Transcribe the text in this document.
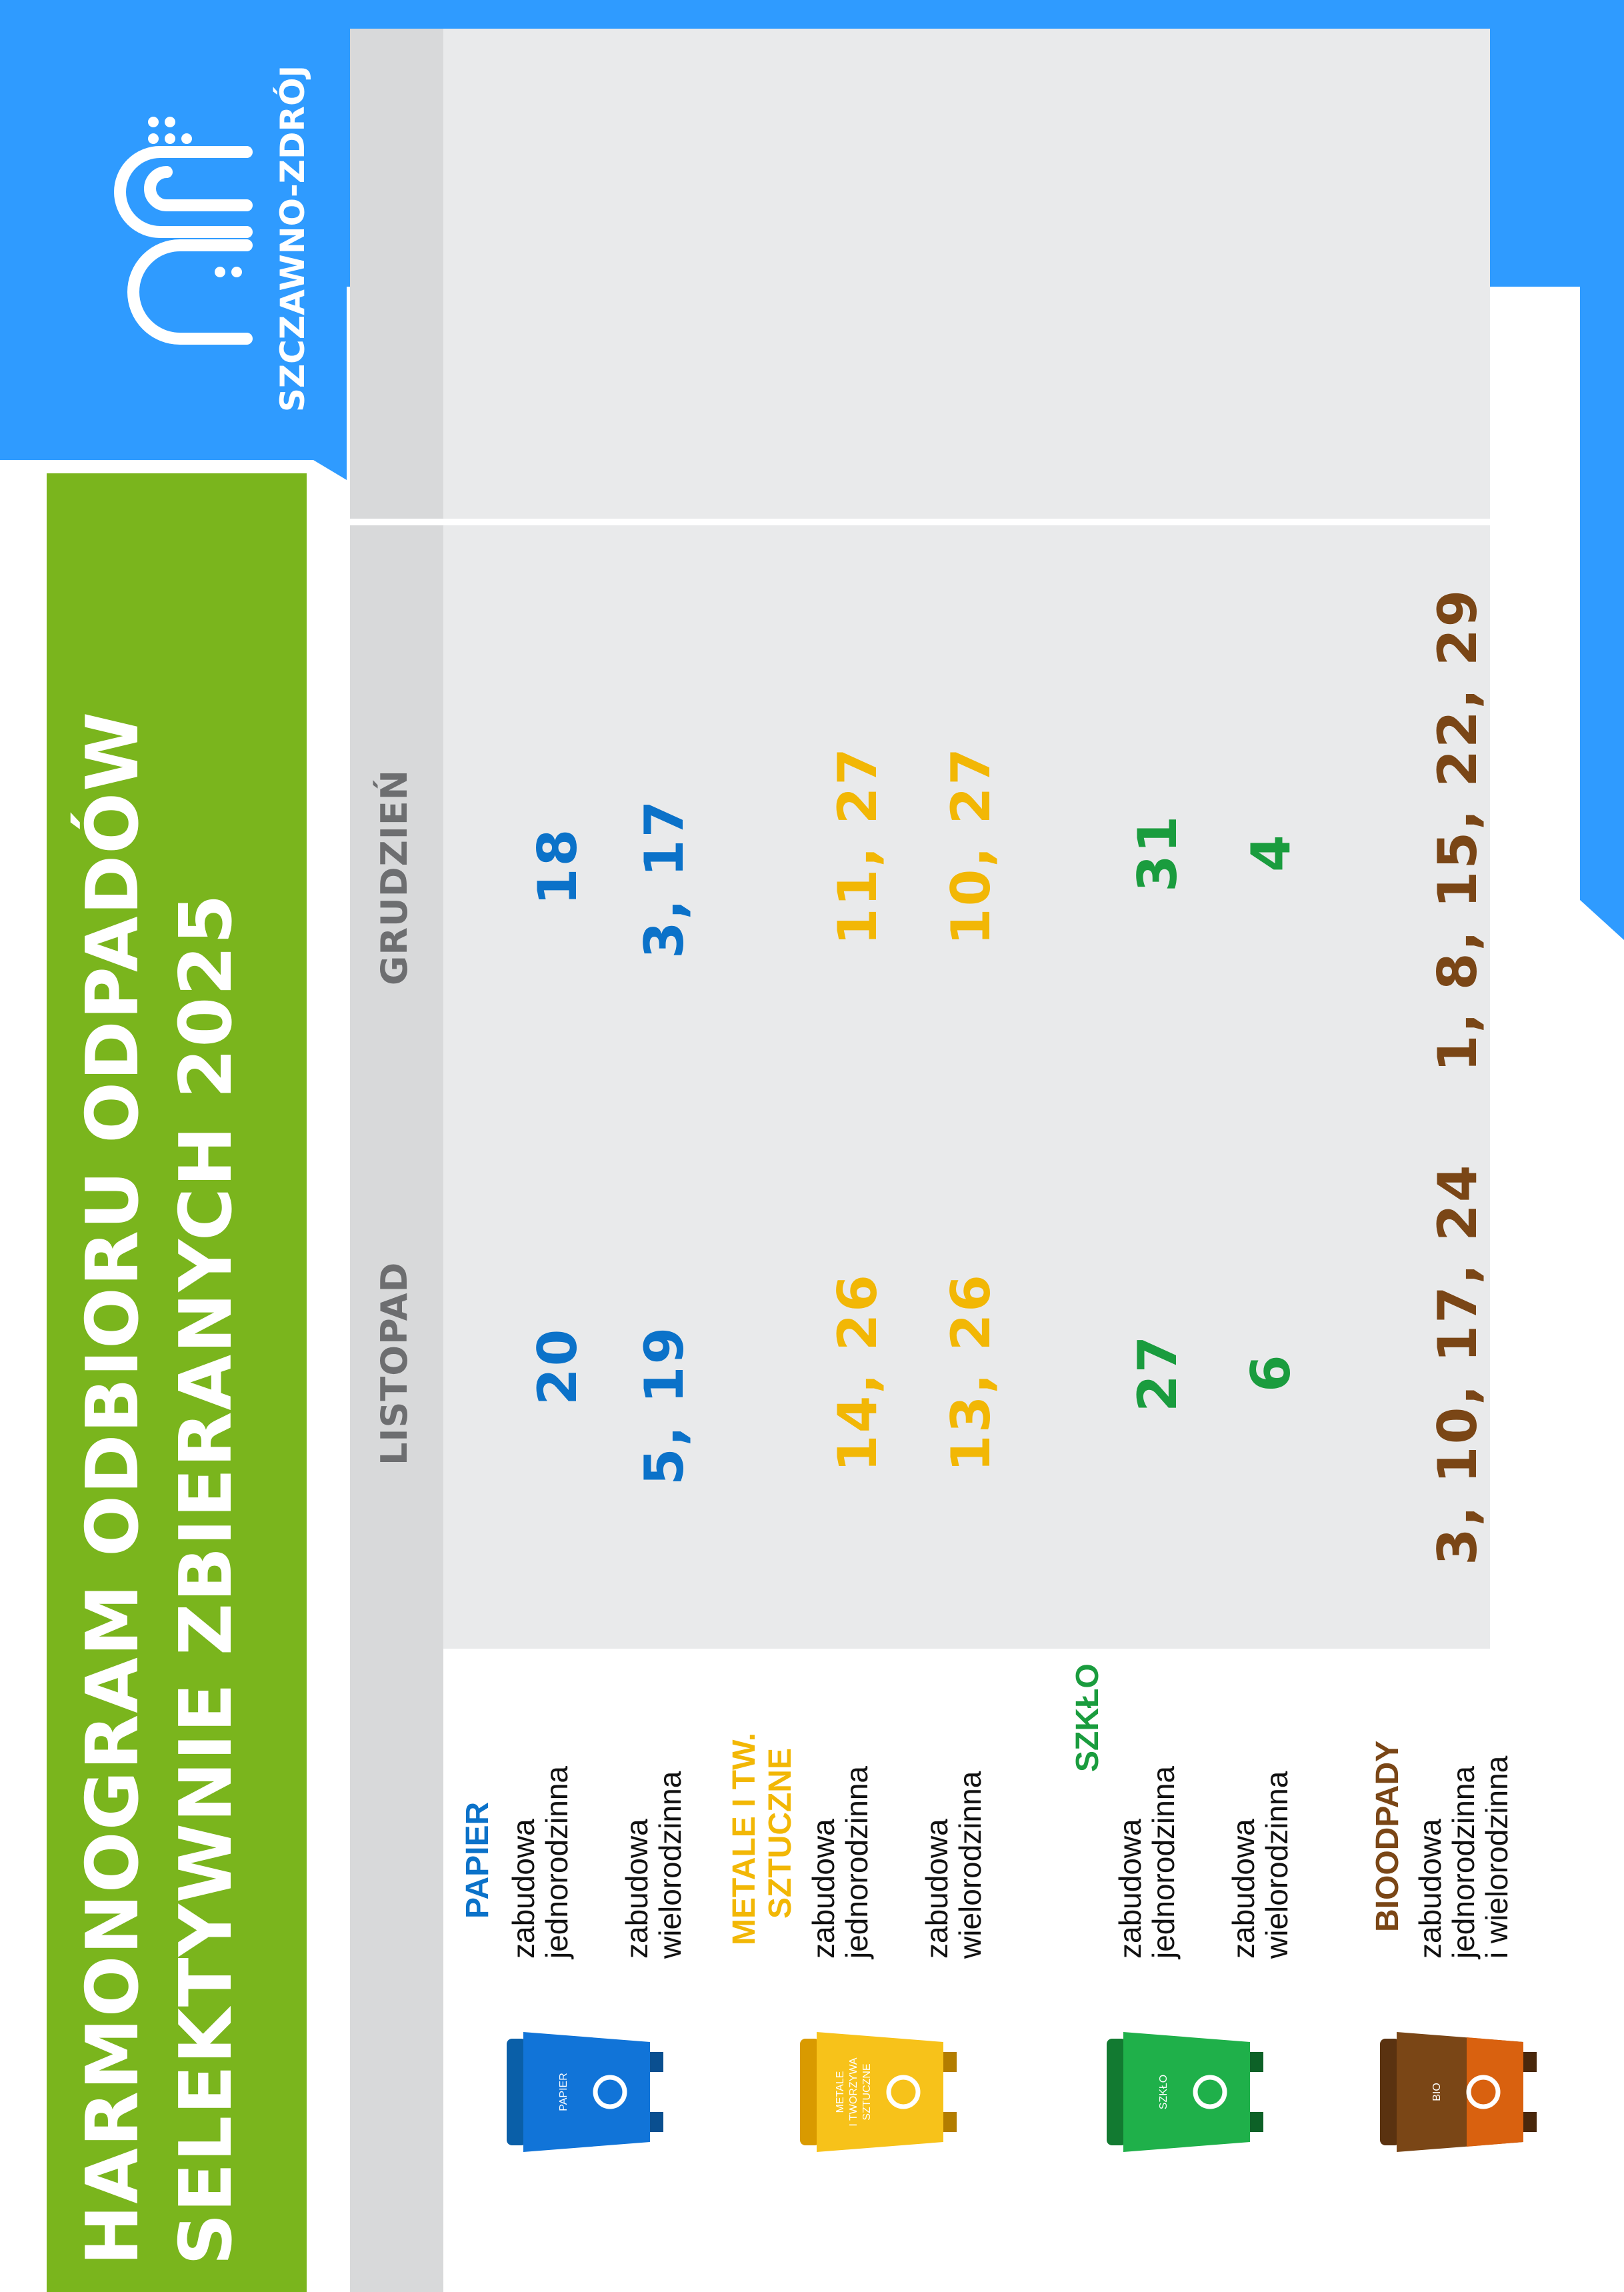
HARMONOGRAM ODBIORU ODPADÓW SELEKTYWNIE ZBIERANYCH 2025
SZCZAWNO-ZDRÓJ
LISTOPAD
GRUDZIEŃ
PAPIER
PAPIER zabudowa
jednorodzinna zabudowa
wielorodzinna
20
18
5, 19
3, 17
METALE I TWORZYWA SZTUCZNE
METALE I TW. SZTUCZNE zabudowa
jednorodzinna zabudowa
wielorodzinna
14, 26
11, 27
13, 26
10, 27
SZKŁO
SZKŁO
zabudowa
jednorodzinna zabudowa
wielorodzinna
27
31
6
4
BIO
BIOODPADY zabudowa
jednorodzinna
i wielorodzinna
3, 10, 17, 24
1, 8, 15, 22, 29
